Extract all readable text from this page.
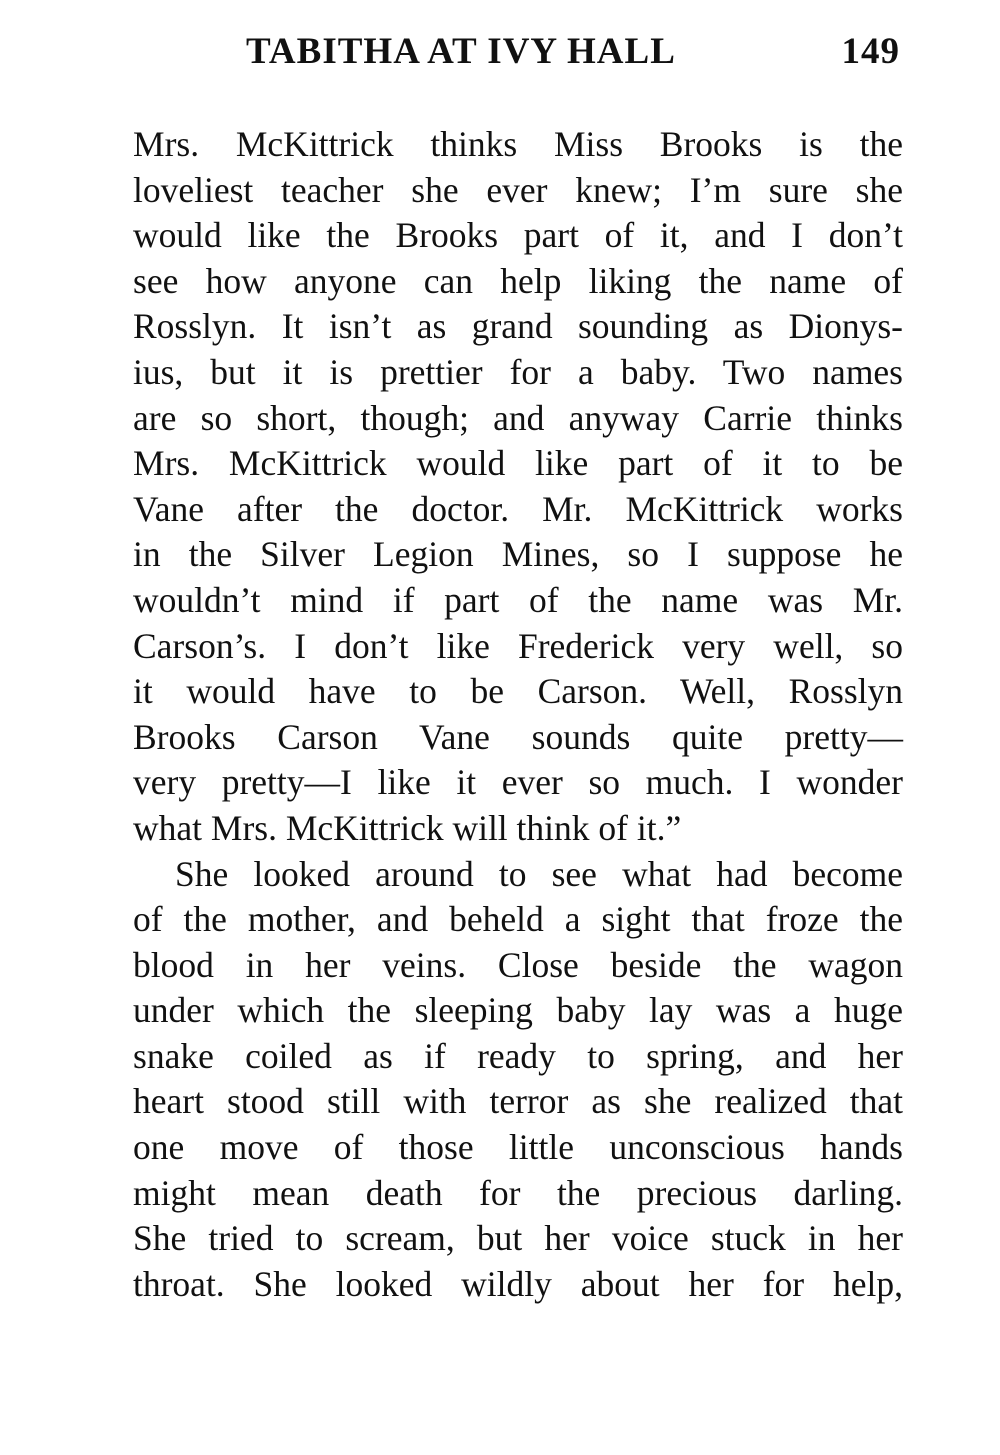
TABITHA AT IVY HALL	149
Mrs. McKittrick thinks Miss Brooks is the
loveliest teacher she ever knew; I’m sure she
would like the Brooks part of it, and I don’t
see how anyone can help liking the name of
Rosslyn. It isn’t as grand sounding as Dionys-
ius, but it is prettier for a baby. Two names
are so short, though; and anyway Carrie thinks
Mrs. McKittrick would like part of it to be
Vane after the doctor. Mr. McKittrick works
in the Silver Legion Mines, so I suppose he
wouldn’t mind if part of the name was Mr.
Carson’s. I don’t like Frederick very well, so
it would have to be Carson. Well, Rosslyn
Brooks Carson Vane sounds quite pretty—
very pretty—I like it ever so much. I wonder
what Mrs. McKittrick will think of it.”
She looked around to see what had become
of the mother, and beheld a sight that froze the
blood in her veins. Close beside the wagon
under which the sleeping baby lay was a huge
snake coiled as if ready to spring, and her
heart stood still with terror as she realized that
one move of those little unconscious hands
might mean death for the precious darling.
She tried to scream, but her voice stuck in her
throat. She looked wildly about her for help,
